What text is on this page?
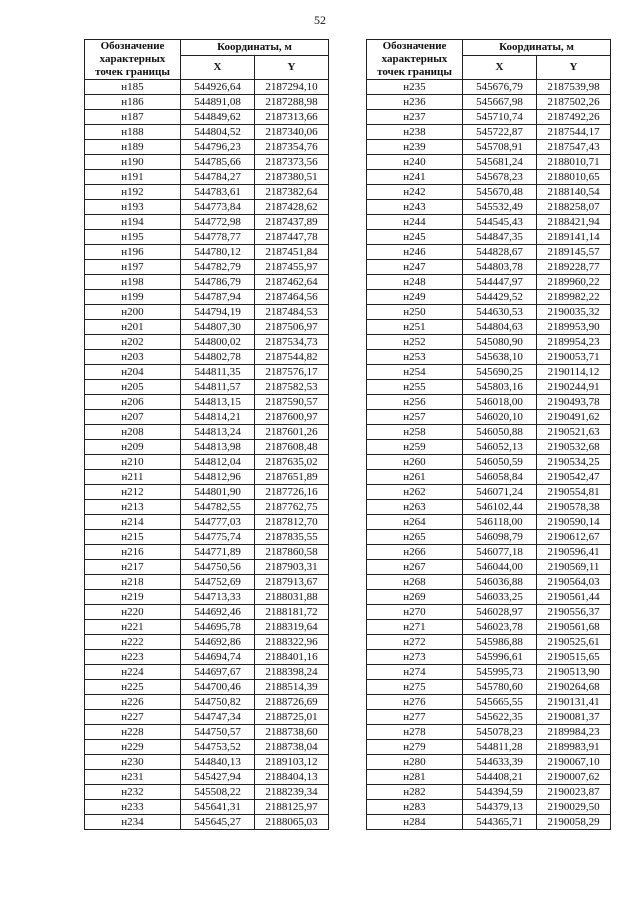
52
Обозначение характерных точек границы	Координаты, м	
	X	Y
н185	544926,64	2187294,10
н186	544891,08	2187288,98
н187	544849,62	2187313,66
н188	544804,52	2187340,06
н189	544796,23	2187354,76
н190	544785,66	2187373,56
н191	544784,27	2187380,51
н192	544783,61	2187382,64
н193	544773,84	2187428,62
н194	544772,98	2187437,89
н195	544778,77	2187447,78
н196	544780,12	2187451,84
н197	544782,79	2187455,97
н198	544786,79	2187462,64
н199	544787,94	2187464,56
н200	544794,19	2187484,53
н201	544807,30	2187506,97
н202	544800,02	2187534,73
н203	544802,78	2187544,82
н204	544811,35	2187576,17
н205	544811,57	2187582,53
н206	544813,15	2187590,57
н207	544814,21	2187600,97
н208	544813,24	2187601,26
н209	544813,98	2187608,48
н210	544812,04	2187635,02
н211	544812,96	2187651,89
н212	544801,90	2187726,16
н213	544782,55	2187762,75
н214	544777,03	2187812,70
н215	544775,74	2187835,55
н216	544771,89	2187860,58
н217	544750,56	2187903,31
н218	544752,69	2187913,67
н219	544713,33	2188031,88
н220	544692,46	2188181,72
н221	544695,78	2188319,64
н222	544692,86	2188322,96
н223	544694,74	2188401,16
н224	544697,67	2188398,24
н225	544700,46	2188514,39
н226	544750,82	2188726,69
н227	544747,34	2188725,01
н228	544750,57	2188738,60
н229	544753,52	2188738,04
н230	544840,13	2189103,12
н231	545427,94	2188404,13
н232	545508,22	2188239,34
н233	545641,31	2188125,97
н234	545645,27	2188065,03
Обозначение характерных точек границы	Координаты, м	
	X	Y
н235	545676,79	2187539,98
н236	545667,98	2187502,26
н237	545710,74	2187492,26
н238	545722,87	2187544,17
н239	545708,91	2187547,43
н240	545681,24	2188010,71
н241	545678,23	2188010,65
н242	545670,48	2188140,54
н243	545532,49	2188258,07
н244	544545,43	2188421,94
н245	544847,35	2189141,14
н246	544828,67	2189145,57
н247	544803,78	2189228,77
н248	544447,97	2189960,22
н249	544429,52	2189982,22
н250	544630,53	2190035,32
н251	544804,63	2189953,90
н252	545080,90	2189954,23
н253	545638,10	2190053,71
н254	545690,25	2190114,12
н255	545803,16	2190244,91
н256	546018,00	2190493,78
н257	546020,10	2190491,62
н258	546050,88	2190521,63
н259	546052,13	2190532,68
н260	546050,59	2190534,25
н261	546058,84	2190542,47
н262	546071,24	2190554,81
н263	546102,44	2190578,38
н264	546118,00	2190590,14
н265	546098,79	2190612,67
н266	546077,18	2190596,41
н267	546044,00	2190569,11
н268	546036,88	2190564,03
н269	546033,25	2190561,44
н270	546028,97	2190556,37
н271	546023,78	2190561,68
н272	545986,88	2190525,61
н273	545996,61	2190515,65
н274	545995,73	2190513,90
н275	545780,60	2190264,68
н276	545665,55	2190131,41
н277	545622,35	2190081,37
н278	545078,23	2189984,23
н279	544811,28	2189983,91
н280	544633,39	2190067,10
н281	544408,21	2190007,62
н282	544394,59	2190023,87
н283	544379,13	2190029,50
н284	544365,71	2190058,29
